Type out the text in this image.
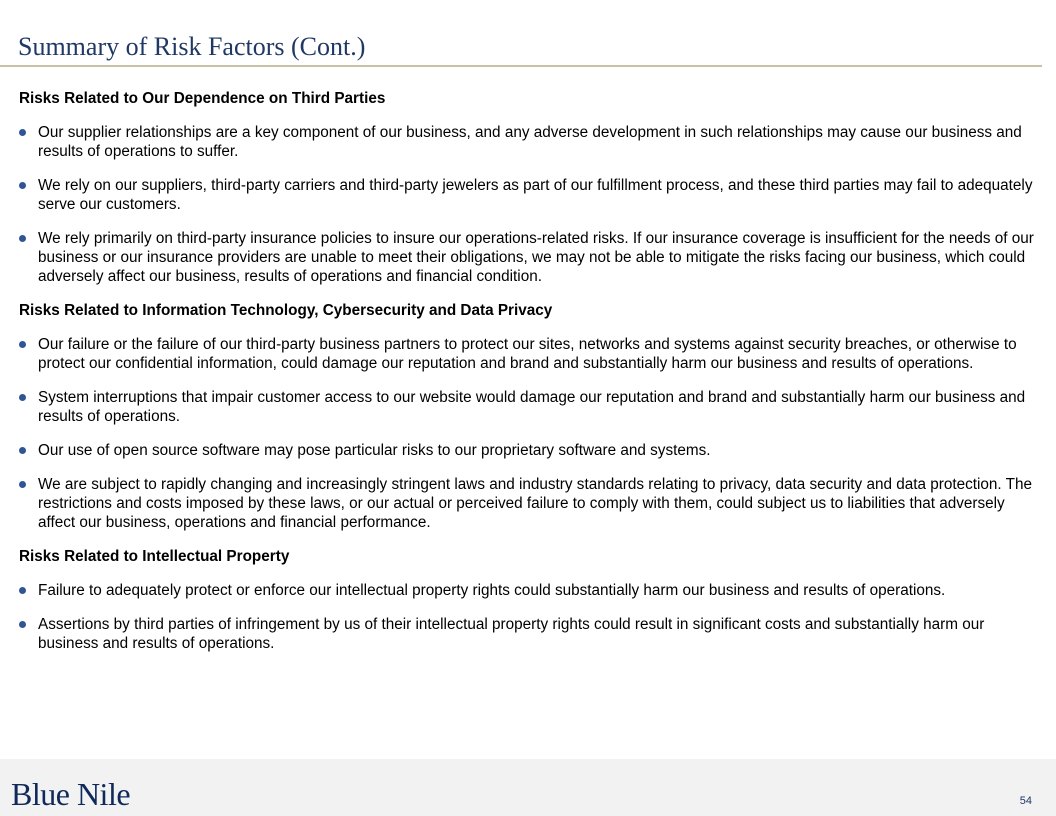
Summary of Risk Factors (Cont.)
Risks Related to Our Dependence on Third Parties
Our supplier relationships are a key component of our business, and any adverse development in such relationships may cause our business and results of operations to suffer.
We rely on our suppliers, third-party carriers and third-party jewelers as part of our fulfillment process, and these third parties may fail to adequately serve our customers.
We rely primarily on third-party insurance policies to insure our operations-related risks. If our insurance coverage is insufficient for the needs of our business or our insurance providers are unable to meet their obligations, we may not be able to mitigate the risks facing our business, which could adversely affect our business, results of operations and financial condition.
Risks Related to Information Technology, Cybersecurity and Data Privacy
Our failure or the failure of our third-party business partners to protect our sites, networks and systems against security breaches, or otherwise to protect our confidential information, could damage our reputation and brand and substantially harm our business and results of operations.
System interruptions that impair customer access to our website would damage our reputation and brand and substantially harm our business and results of operations.
Our use of open source software may pose particular risks to our proprietary software and systems.
We are subject to rapidly changing and increasingly stringent laws and industry standards relating to privacy, data security and data protection. The restrictions and costs imposed by these laws, or our actual or perceived failure to comply with them, could subject us to liabilities that adversely affect our business, operations and financial performance.
Risks Related to Intellectual Property
Failure to adequately protect or enforce our intellectual property rights could substantially harm our business and results of operations.
Assertions by third parties of infringement by us of their intellectual property rights could result in significant costs and substantially harm our business and results of operations.
Blue Nile	54
